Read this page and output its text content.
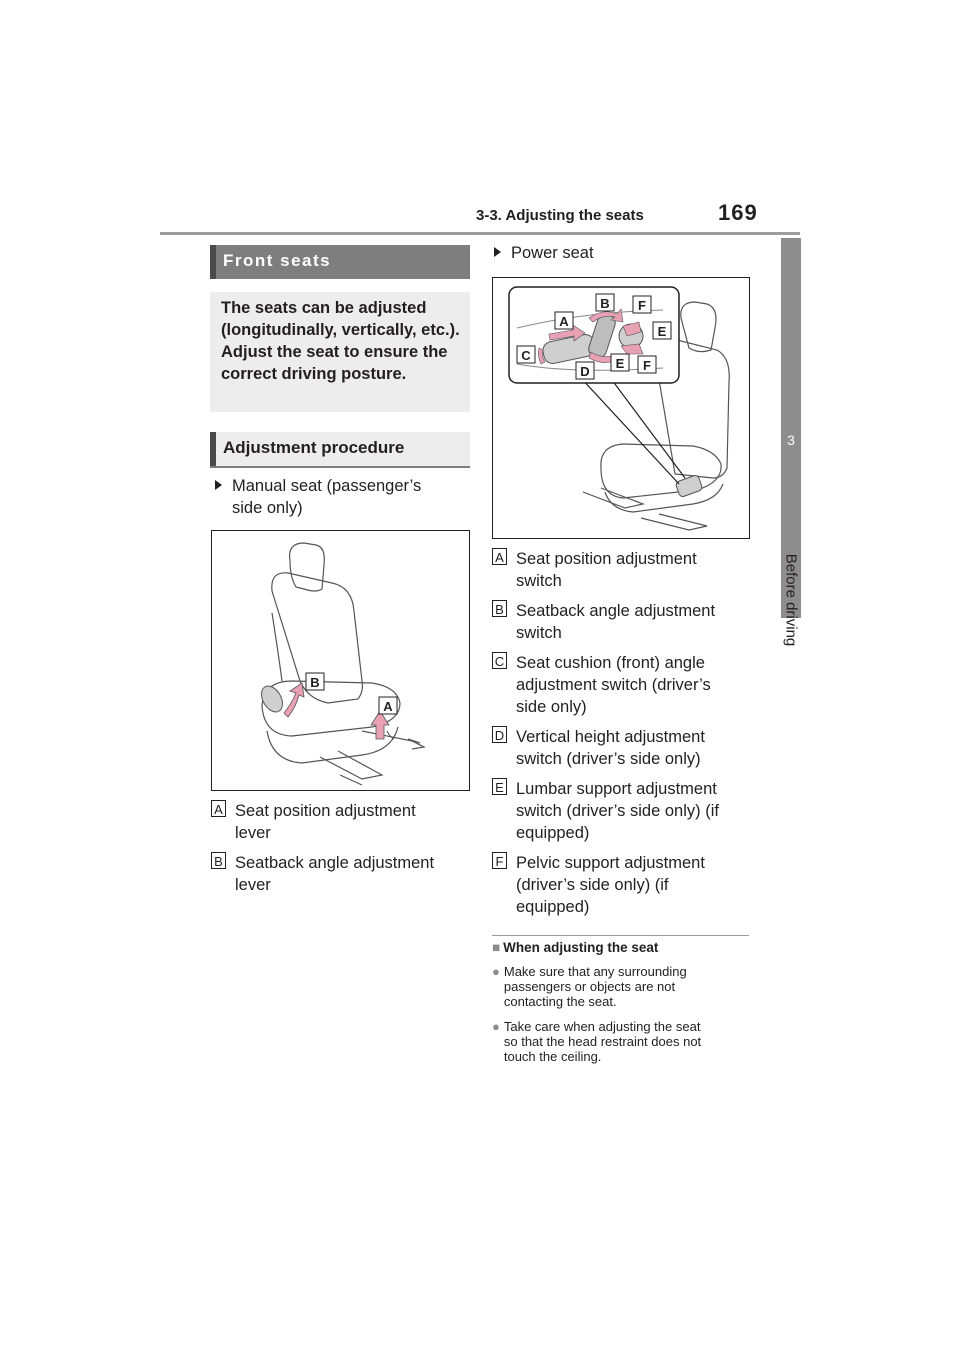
3-3. Adjusting the seats	169
3
Before driving
Front seats

The seats can be adjusted (longitudinally, vertically, etc.). Adjust the seat to ensure the correct driving posture.

Adjustment procedure
Manual seat (passenger’s
side only)
B
A
A Seat position adjustment
lever
B Seatback angle adjustment
lever
Power seat
A
B F
E
C
E F
D
A Seat position adjustment
switch
B Seatback angle adjustment
switch
C Seat cushion (front) angle
adjustment switch (driver’s
side only)
D Vertical height adjustment
switch (driver’s side only)
E Lumbar support adjustment
switch (driver’s side only) (if
equipped)
F Pelvic support adjustment
(driver’s side only) (if
equipped)
■ When adjusting the seat
● Make sure that any surrounding
passengers or objects are not
contacting the seat.
● Take care when adjusting the seat
so that the head restraint does not
touch the ceiling.
